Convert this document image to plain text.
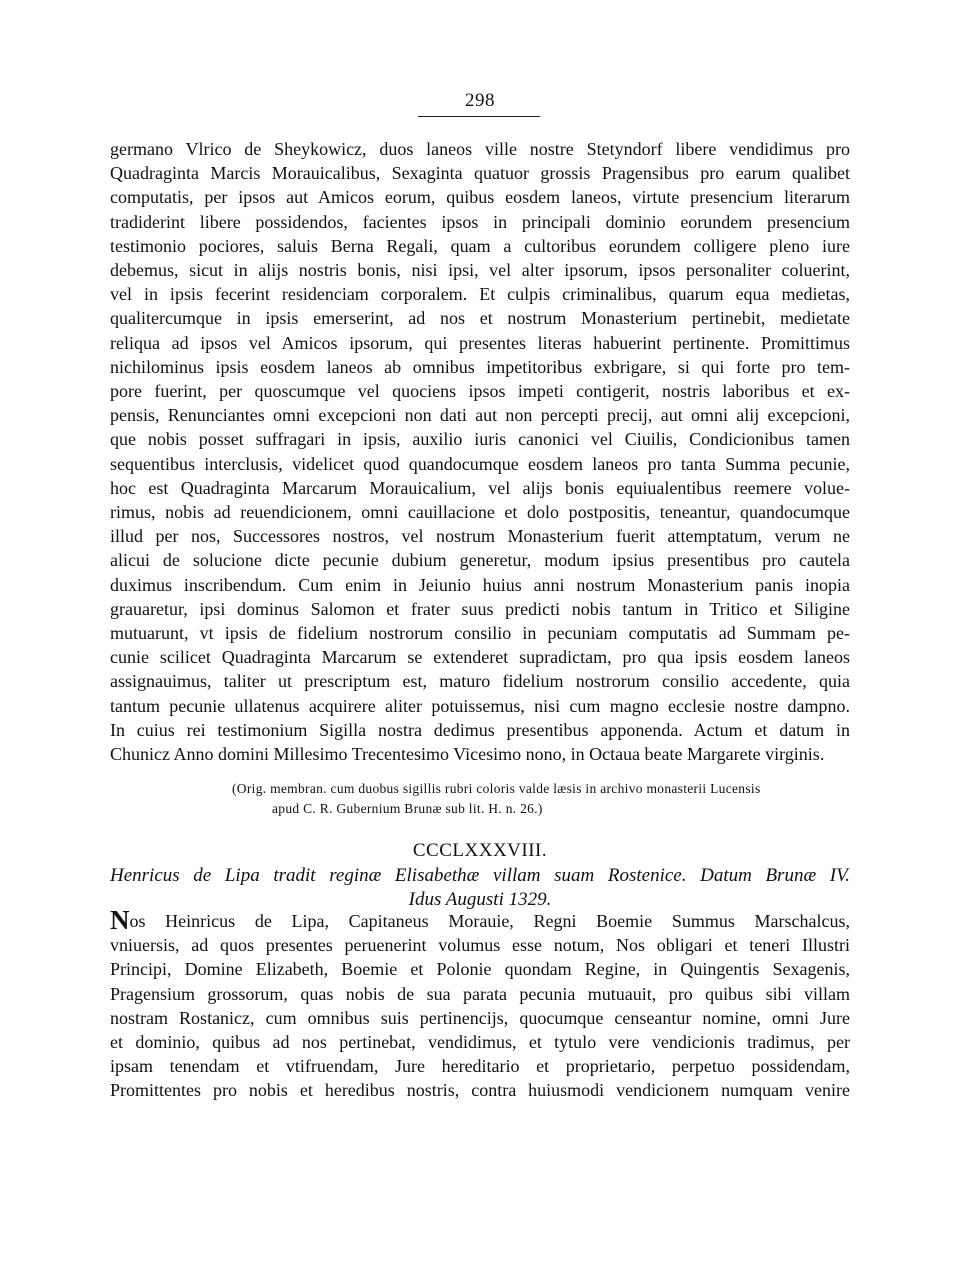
298
germano Vlrico de Sheykowicz, duos laneos ville nostre Stetyndorf libere vendidimus pro
Quadraginta Marcis Morauicalibus, Sexaginta quatuor grossis Pragensibus pro earum qualibet
computatis, per ipsos aut Amicos eorum, quibus eosdem laneos, virtute presencium literarum
tradiderint libere possidendos, facientes ipsos in principali dominio eorundem presencium
testimonio pociores, saluis Berna Regali, quam a cultoribus eorundem colligere pleno iure
debemus, sicut in alijs nostris bonis, nisi ipsi, vel alter ipsorum, ipsos personaliter coluerint,
vel in ipsis fecerint residenciam corporalem. Et culpis criminalibus, quarum equa medietas,
qualitercumque in ipsis emerserint, ad nos et nostrum Monasterium pertinebit, medietate
reliqua ad ipsos vel Amicos ipsorum, qui presentes literas habuerint pertinente. Promittimus
nichilominus ipsis eosdem laneos ab omnibus impetitoribus exbrigare, si qui forte pro tem-
pore fuerint, per quoscumque vel quociens ipsos impeti contigerit, nostris laboribus et ex-
pensis, Renunciantes omni excepcioni non dati aut non percepti precij, aut omni alij excepcioni,
que nobis posset suffragari in ipsis, auxilio iuris canonici vel Ciuilis, Condicionibus tamen
sequentibus interclusis, videlicet quod quandocumque eosdem laneos pro tanta Summa pecunie,
hoc est Quadraginta Marcarum Morauicalium, vel alijs bonis equiualentibus reemere volue-
rimus, nobis ad reuendicionem, omni cauillacione et dolo postpositis, teneantur, quandocumque
illud per nos, Successores nostros, vel nostrum Monasterium fuerit attemptatum, verum ne
alicui de solucione dicte pecunie dubium generetur, modum ipsius presentibus pro cautela
duximus inscribendum. Cum enim in Jeiunio huius anni nostrum Monasterium panis inopia
grauaretur, ipsi dominus Salomon et frater suus predicti nobis tantum in Tritico et Siligine
mutuarunt, vt ipsis de fidelium nostrorum consilio in pecuniam computatis ad Summam pe-
cunie scilicet Quadraginta Marcarum se extenderet supradictam, pro qua ipsis eosdem laneos
assignauimus, taliter ut prescriptum est, maturo fidelium nostrorum consilio accedente, quia
tantum pecunie ullatenus acquirere aliter potuissemus, nisi cum magno ecclesie nostre dampno.
In cuius rei testimonium Sigilla nostra dedimus presentibus apponenda. Actum et datum in
Chunicz Anno domini Millesimo Trecentesimo Vicesimo nono, in Octaua beate Margarete virginis.
(Orig. membran. cum duobus sigillis rubri coloris valde læsis in archivo monasterii Lucensis
apud C. R. Gubernium Brunæ sub lit. H. n. 26.)
CCCLXXXVIII.
Henricus de Lipa tradit reginæ Elisabethæ villam suam Rostenice. Datum Brunæ IV.
Idus Augusti 1329.
Nos Heinricus de Lipa, Capitaneus Morauie, Regni Boemie Summus Marschalcus,
vniuersis, ad quos presentes peruenerint volumus esse notum, Nos obligari et teneri Illustri
Principi, Domine Elizabeth, Boemie et Polonie quondam Regine, in Quingentis Sexagenis,
Pragensium grossorum, quas nobis de sua parata pecunia mutuauit, pro quibus sibi villam
nostram Rostanicz, cum omnibus suis pertinencijs, quocumque censeantur nomine, omni Jure
et dominio, quibus ad nos pertinebat, vendidimus, et tytulo vere vendicionis tradimus, per
ipsam tenendam et vtifruendam, Jure hereditario et proprietario, perpetuo possidendam,
Promittentes pro nobis et heredibus nostris, contra huiusmodi vendicionem numquam venire
